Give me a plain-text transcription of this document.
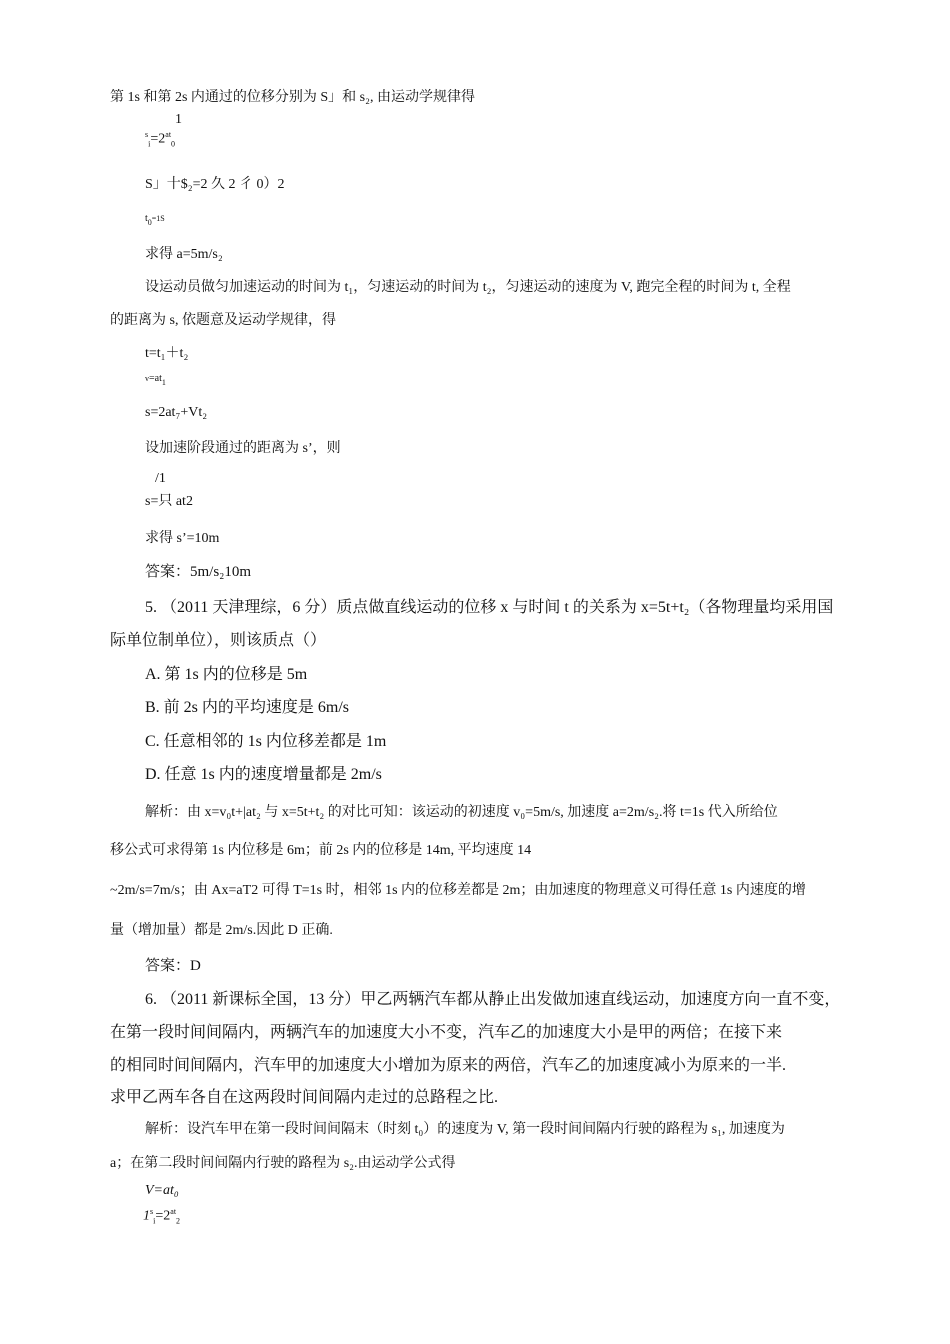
第 1s 和第 2s 内通过的位移分别为 S」和 s₂, 由运动学规律得
1
$^s_i=2^{at}_0$
S」十$₂=2 久 2 彳 0）2
$t_0=1S$
求得 a=5m/s₂
设运动员做匀加速运动的时间为 t₁，匀速运动的时间为 t₂，匀速运动的速度为 V, 跑完全程的时间为 t, 全程
的距离为 s, 依题意及运动学规律，得
t=t₁＋t₂
$v=at_1$
s=2at₇+Vt₂
设加速阶段通过的距离为 s’，则
/1
s=只 at2
求得 s’=10m
答案：5m/s₂10m
5. （2011 天津理综，6 分）质点做直线运动的位移 x 与时间 t 的关系为 x=5t+t₂（各物理量均采用国
际单位制单位），则该质点（）
A. 第 1s 内的位移是 5m
B. 前 2s 内的平均速度是 6m/s
C. 任意相邻的 1s 内位移差都是 1m
D. 任意 1s 内的速度增量都是 2m/s
解析：由 x=v₀t+|at₂ 与 x=5t+t₂ 的对比可知：该运动的初速度 v₀=5m/s, 加速度 a=2m/s₂.将 t=1s 代入所给位
移公式可求得第 1s 内位移是 6m；前 2s 内的位移是 14m, 平均速度 14
~2m/s=7m/s；由 Ax=aT2 可得 T=1s 时，相邻 1s 内的位移差都是 2m；由加速度的物理意义可得任意 1s 内速度的增
量（增加量）都是 2m/s.因此 D 正确.
答案：D
6. （2011 新课标全国，13 分）甲乙两辆汽车都从静止出发做加速直线运动，加速度方向一直不变，
在第一段时间间隔内，两辆汽车的加速度大小不变，汽车乙的加速度大小是甲的两倍；在接下来
的相同时间间隔内，汽车甲的加速度大小增加为原来的两倍，汽车乙的加速度减小为原来的一半.
求甲乙两车各自在这两段时间间隔内走过的总路程之比.
解析：设汽车甲在第一段时间间隔末（时刻 t₀）的速度为 V, 第一段时间间隔内行驶的路程为 s₁, 加速度为
a；在第二段时间间隔内行驶的路程为 s₂.由运动学公式得
V=at₀
$1^s_i=2^{at}_2$
